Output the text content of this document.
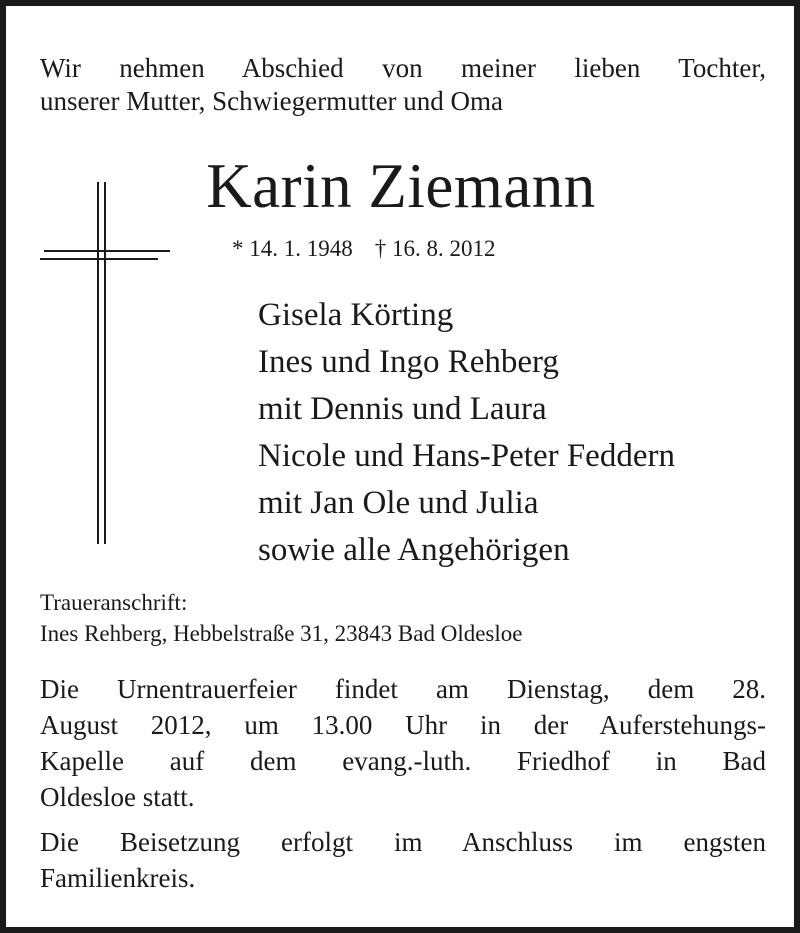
Wir nehmen Abschied von meiner lieben Tochter,
unserer Mutter, Schwiegermutter und Oma
Karin Ziemann
* 14. 1. 1948 † 16. 8. 2012
Gisela Körting
Ines und Ingo Rehberg
mit Dennis und Laura
Nicole und Hans-Peter Feddern
mit Jan Ole und Julia
sowie alle Angehörigen
Traueranschrift:
Ines Rehberg, Hebbelstraße 31, 23843 Bad Oldesloe
Die Urnentrauerfeier findet am Dienstag, dem 28.
August 2012, um 13.00 Uhr in der Auferstehungs-
Kapelle auf dem evang.-luth. Friedhof in Bad
Oldesloe statt.
Die Beisetzung erfolgt im Anschluss im engsten
Familienkreis.
